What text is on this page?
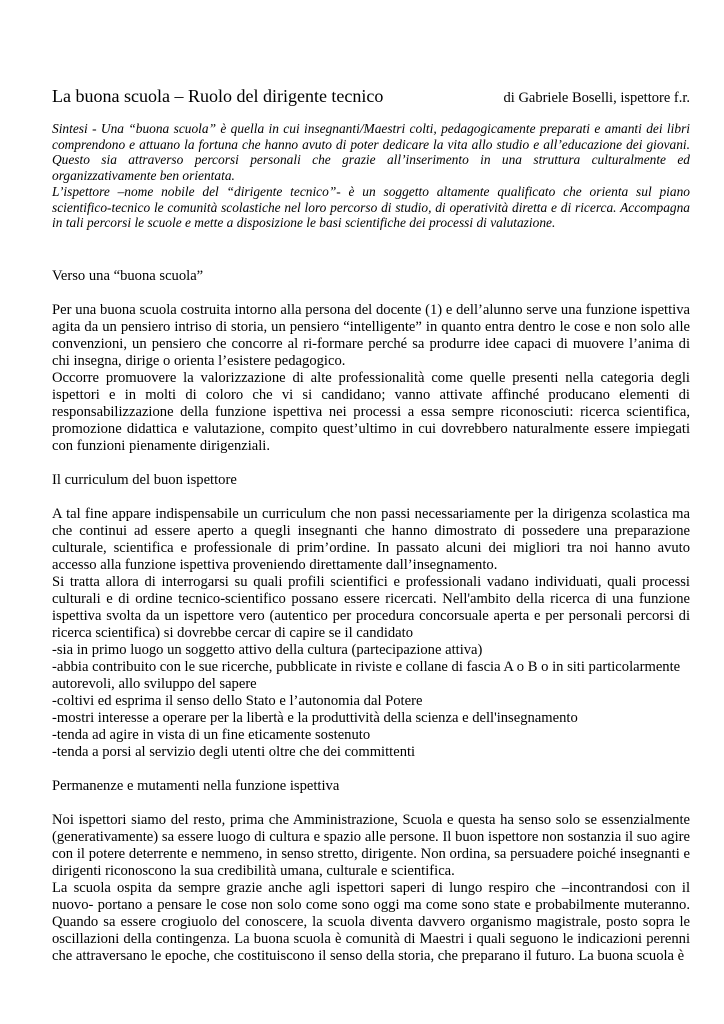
La buona scuola – Ruolo del dirigente tecnico	di Gabriele Boselli, ispettore f.r.

Sintesi - Una “buona scuola” è quella in cui insegnanti/Maestri colti, pedagogicamente preparati e amanti dei libri comprendono e attuano la fortuna che hanno avuto di poter dedicare la vita allo studio e all’educazione dei giovani. Questo sia attraverso percorsi personali che grazie all’inserimento in una struttura culturalmente ed organizzativamente ben orientata.

L’ispettore –nome nobile del “dirigente tecnico”- è un soggetto altamente qualificato che orienta sul piano scientifico-tecnico le comunità scolastiche nel loro percorso di studio, di operatività diretta e di ricerca. Accompagna in tali percorsi le scuole e mette a disposizione le basi scientifiche dei processi di valutazione.

Verso una “buona scuola”

Per una buona scuola costruita intorno alla persona del docente (1) e dell’alunno serve una funzione ispettiva agita da un pensiero intriso di storia, un pensiero “intelligente” in quanto entra dentro le cose e non solo alle convenzioni, un pensiero che concorre al ri-formare perché sa produrre idee capaci di muovere l’anima di chi insegna, dirige o orienta l’esistere pedagogico.

Occorre promuovere la valorizzazione di alte professionalità come quelle presenti nella categoria degli ispettori e in molti di coloro che vi si candidano; vanno attivate affinché producano elementi di responsabilizzazione della funzione ispettiva nei processi a essa sempre riconosciuti: ricerca scientifica, promozione didattica e valutazione, compito quest’ultimo in cui dovrebbero naturalmente essere impiegati con funzioni pienamente dirigenziali.

Il curriculum del buon ispettore

A tal fine appare indispensabile un curriculum che non passi necessariamente per la dirigenza scolastica ma che continui ad essere aperto a quegli insegnanti che hanno dimostrato di possedere una preparazione culturale, scientifica e professionale di prim’ordine. In passato alcuni dei migliori tra noi hanno avuto accesso alla funzione ispettiva proveniendo direttamente dall’insegnamento.

Si tratta allora di interrogarsi su quali profili scientifici e professionali vadano individuati, quali processi culturali e di ordine tecnico-scientifico possano essere ricercati. Nell'ambito della ricerca di una funzione ispettiva svolta da un ispettore vero (autentico per procedura concorsuale aperta e per personali percorsi di ricerca scientifica) si dovrebbe cercar di capire se il candidato

-sia in primo luogo un soggetto attivo della cultura (partecipazione attiva)
-abbia contribuito con le sue ricerche, pubblicate in riviste e collane di fascia A o B o in siti particolarmente autorevoli, allo sviluppo del sapere
-coltivi ed esprima il senso dello Stato e l’autonomia dal Potere
-mostri interesse a operare per la libertà e la produttività della scienza e dell'insegnamento
-tenda ad agire in vista di un fine eticamente sostenuto
-tenda a porsi al servizio degli utenti oltre che dei committenti

Permanenze e mutamenti nella funzione ispettiva

Noi ispettori siamo del resto, prima che Amministrazione, Scuola e questa ha senso solo se essenzialmente (generativamente) sa essere luogo di cultura e spazio alle persone. Il buon ispettore non sostanzia il suo agire con il potere deterrente e nemmeno, in senso stretto, dirigente. Non ordina, sa persuadere poiché insegnanti e dirigenti riconoscono la sua credibilità umana, culturale e scientifica.

La scuola ospita da sempre grazie anche agli ispettori saperi di lungo respiro che –incontrandosi con il nuovo- portano a pensare le cose non solo come sono oggi ma come sono state e probabilmente muteranno. Quando sa essere crogiuolo del conoscere, la scuola diventa davvero organismo magistrale, posto sopra le oscillazioni della contingenza. La buona scuola è comunità di Maestri i quali seguono le indicazioni perenni che attraversano le epoche, che costituiscono il senso della storia, che preparano il futuro. La buona scuola è
